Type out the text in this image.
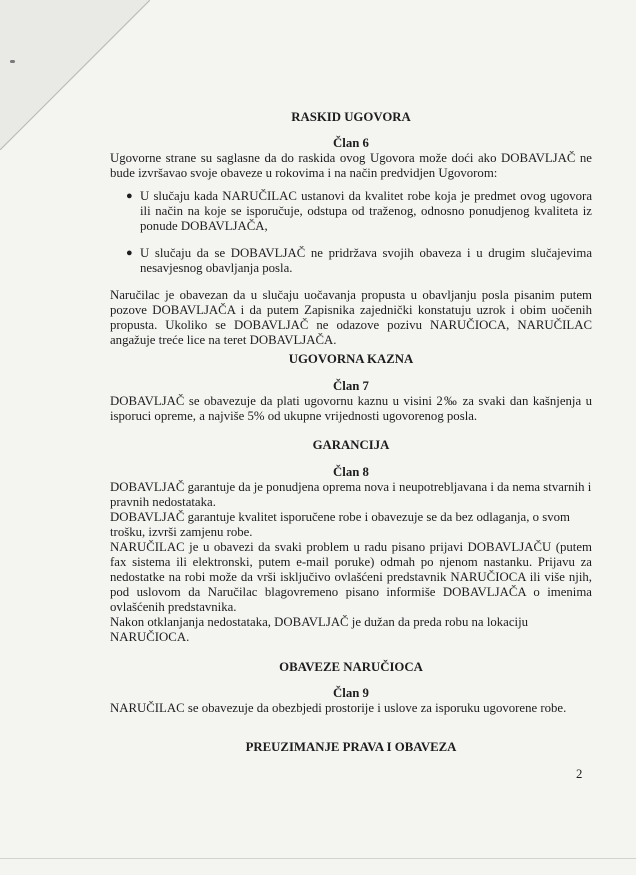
RASKID UGOVORA
Član 6

Ugovorne strane su saglasne da do raskida ovog Ugovora može doći ako DOBAVLJAČ ne bude izvršavao svoje obaveze u rokovima i na način predvidjen Ugovorom:

● U slučaju kada NARUČILAC ustanovi da kvalitet robe koja je predmet ovog ugovora ili način na koje se isporučuje, odstupa od traženog, odnosno ponudjenog kvaliteta iz ponude DOBAVLJAČA,
● U slučaju da se DOBAVLJAČ ne pridržava svojih obaveza i u drugim slučajevima nesavjesnog obavljanja posla.

Naručilac je obavezan da u slučaju uočavanja propusta u obavljanju posla pisanim putem pozove DOBAVLJAČA i da putem Zapisnika zajednički konstatuju uzrok i obim uočenih propusta. Ukoliko se DOBAVLJAČ ne odazove pozivu NARUČIOCA, NARUČILAC angažuje treće lice na teret DOBAVLJAČA.

UGOVORNA KAZNA
Član 7

DOBAVLJAČ se obavezuje da plati ugovornu kaznu u visini 2‰ za svaki dan kašnjenja u isporuci opreme, a najviše 5% od ukupne vrijednosti ugovorenog posla.

GARANCIJA
Član 8

DOBAVLJAČ garantuje da je ponudjena oprema nova i neupotrebljavana i da nema stvarnih i pravnih nedostataka.

DOBAVLJAČ garantuje kvalitet isporučene robe i obavezuje se da bez odlaganja, o svom trošku, izvrši zamjenu robe.

NARUČILAC je u obavezi da svaki problem u radu pisano prijavi DOBAVLJAČU (putem fax sistema ili elektronski, putem e-mail poruke) odmah po njenom nastanku. Prijavu za nedostatke na robi može da vrši isključivo ovlašćeni predstavnik NARUČIOCA ili više njih, pod uslovom da Naručilac blagovremeno pisano informiše DOBAVLJAČA o imenima ovlašćenih predstavnika.

Nakon otklanjanja nedostataka, DOBAVLJAČ je dužan da preda robu na lokaciju NARUČIOCA.

OBAVEZE NARUČIOCA
Član 9

NARUČILAC se obavezuje da obezbjedi prostorije i uslove za isporuku ugovorene robe.

PREUZIMANJE PRAVA I OBAVEZA
2
